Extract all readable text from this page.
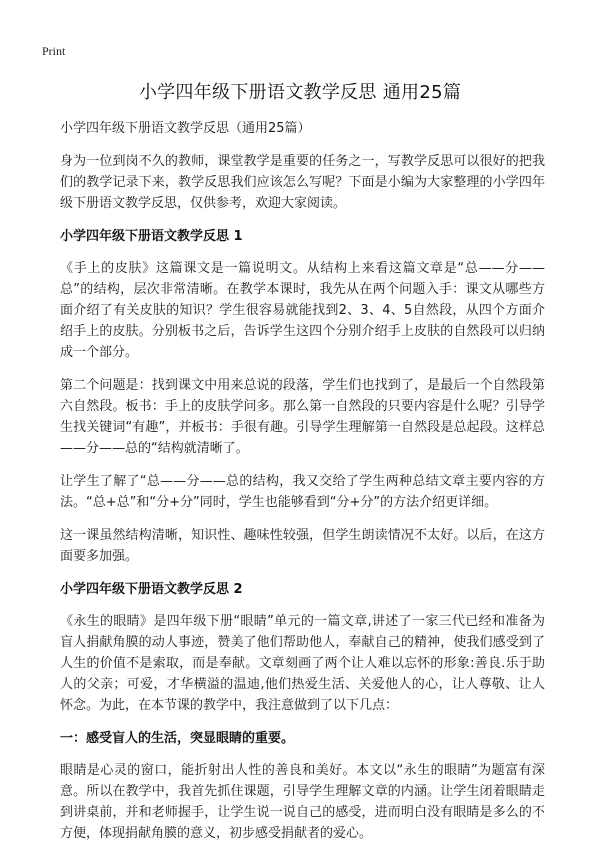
Print
小学四年级下册语文教学反思 通用25篇

小学四年级下册语文教学反思（通用25篇）

身为一位到岗不久的教师，课堂教学是重要的任务之一，写教学反思可以很好的把我们的教学记录下来，教学反思我们应该怎么写呢？下面是小编为大家整理的小学四年级下册语文教学反思，仅供参考，欢迎大家阅读。

小学四年级下册语文教学反思 1

《手上的皮肤》这篇课文是一篇说明文。从结构上来看这篇文章是“总——分——总”的结构，层次非常清晰。在教学本课时，我先从在两个问题入手：课文从哪些方面介绍了有关皮肤的知识？学生很容易就能找到2、3、4、5自然段，从四个方面介绍手上的皮肤。分别板书之后，告诉学生这四个分别介绍手上皮肤的自然段可以归纳成一个部分。

第二个问题是：找到课文中用来总说的段落，学生们也找到了，是最后一个自然段第六自然段。板书：手上的皮肤学问多。那么第一自然段的只要内容是什么呢？引导学生找关键词“有趣”，并板书：手很有趣。引导学生理解第一自然段是总起段。这样总——分——总的“结构就清晰了。

让学生了解了“总——分——总的结构，我又交给了学生两种总结文章主要内容的方法。“总+总”和“分+分”同时，学生也能够看到“分+分”的方法介绍更详细。

这一课虽然结构清晰，知识性、趣味性较强，但学生朗读情况不太好。以后，在这方面要多加强。

小学四年级下册语文教学反思 2

《永生的眼睛》是四年级下册“眼睛”单元的一篇文章,讲述了一家三代已经和准备为盲人捐献角膜的动人事迹，赞美了他们帮助他人，奉献自己的精神，使我们感受到了人生的价值不是索取，而是奉献。文章刻画了两个让人难以忘怀的形象:善良.乐于助人的父亲；可爱，才华横溢的温迪,他们热爱生活、关爱他人的心，让人尊敬、让人怀念。为此，在本节课的教学中，我注意做到了以下几点：

一：感受盲人的生活，突显眼睛的重要。

眼睛是心灵的窗口，能折射出人性的善良和美好。本文以“永生的眼睛”为题富有深意。所以在教学中，我首先抓住课题，引导学生理解文章的内涵。让学生闭着眼睛走到讲桌前，并和老师握手，让学生说一说自己的感受，进而明白没有眼睛是多么的不方便，体现捐献角膜的意义，初步感受捐献者的爱心。
